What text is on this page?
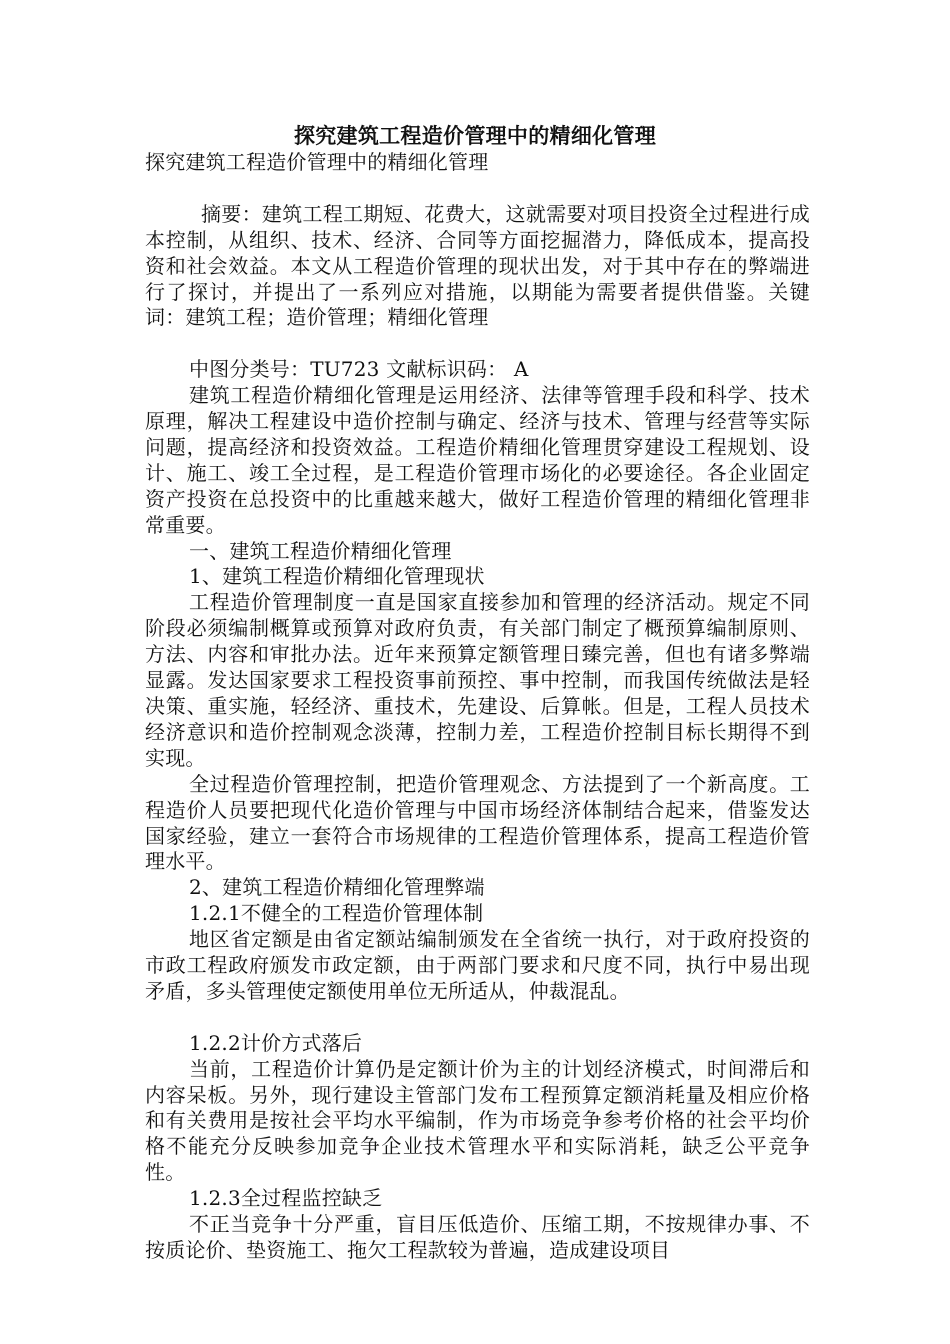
探究建筑工程造价管理中的精细化管理

探究建筑工程造价管理中的精细化管理

摘要：建筑工程工期短、花费大，这就需要对项目投资全过程进行成本控制，从组织、技术、经济、合同等方面挖掘潜力，降低成本，提高投资和社会效益。本文从工程造价管理的现状出发，对于其中存在的弊端进行了探讨，并提出了一系列应对措施，以期能为需要者提供借鉴。关键词：建筑工程；造价管理；精细化管理

中图分类号：TU723 文献标识码： A

建筑工程造价精细化管理是运用经济、法律等管理手段和科学、技术原理，解决工程建设中造价控制与确定、经济与技术、管理与经营等实际问题，提高经济和投资效益。工程造价精细化管理贯穿建设工程规划、设计、施工、竣工全过程，是工程造价管理市场化的必要途径。各企业固定资产投资在总投资中的比重越来越大，做好工程造价管理的精细化管理非常重要。

一、建筑工程造价精细化管理

1、建筑工程造价精细化管理现状

工程造价管理制度一直是国家直接参加和管理的经济活动。规定不同阶段必须编制概算或预算对政府负责，有关部门制定了概预算编制原则、方法、内容和审批办法。近年来预算定额管理日臻完善，但也有诸多弊端显露。发达国家要求工程投资事前预控、事中控制，而我国传统做法是轻决策、重实施，轻经济、重技术，先建设、后算帐。但是，工程人员技术经济意识和造价控制观念淡薄，控制力差，工程造价控制目标长期得不到实现。

全过程造价管理控制，把造价管理观念、方法提到了一个新高度。工程造价人员要把现代化造价管理与中国市场经济体制结合起来，借鉴发达国家经验，建立一套符合市场规律的工程造价管理体系，提高工程造价管理水平。

2、建筑工程造价精细化管理弊端

1.2.1不健全的工程造价管理体制

地区省定额是由省定额站编制颁发在全省统一执行，对于政府投资的市政工程政府颁发市政定额，由于两部门要求和尺度不同，执行中易出现矛盾，多头管理使定额使用单位无所适从，仲裁混乱。

1.2.2计价方式落后

当前，工程造价计算仍是定额计价为主的计划经济模式，时间滞后和内容呆板。另外，现行建设主管部门发布工程预算定额消耗量及相应价格和有关费用是按社会平均水平编制，作为市场竞争参考价格的社会平均价格不能充分反映参加竞争企业技术管理水平和实际消耗，缺乏公平竞争性。

1.2.3全过程监控缺乏

不正当竞争十分严重，盲目压低造价、压缩工期，不按规律办事、不按质论价、垫资施工、拖欠工程款较为普遍，造成建设项目
